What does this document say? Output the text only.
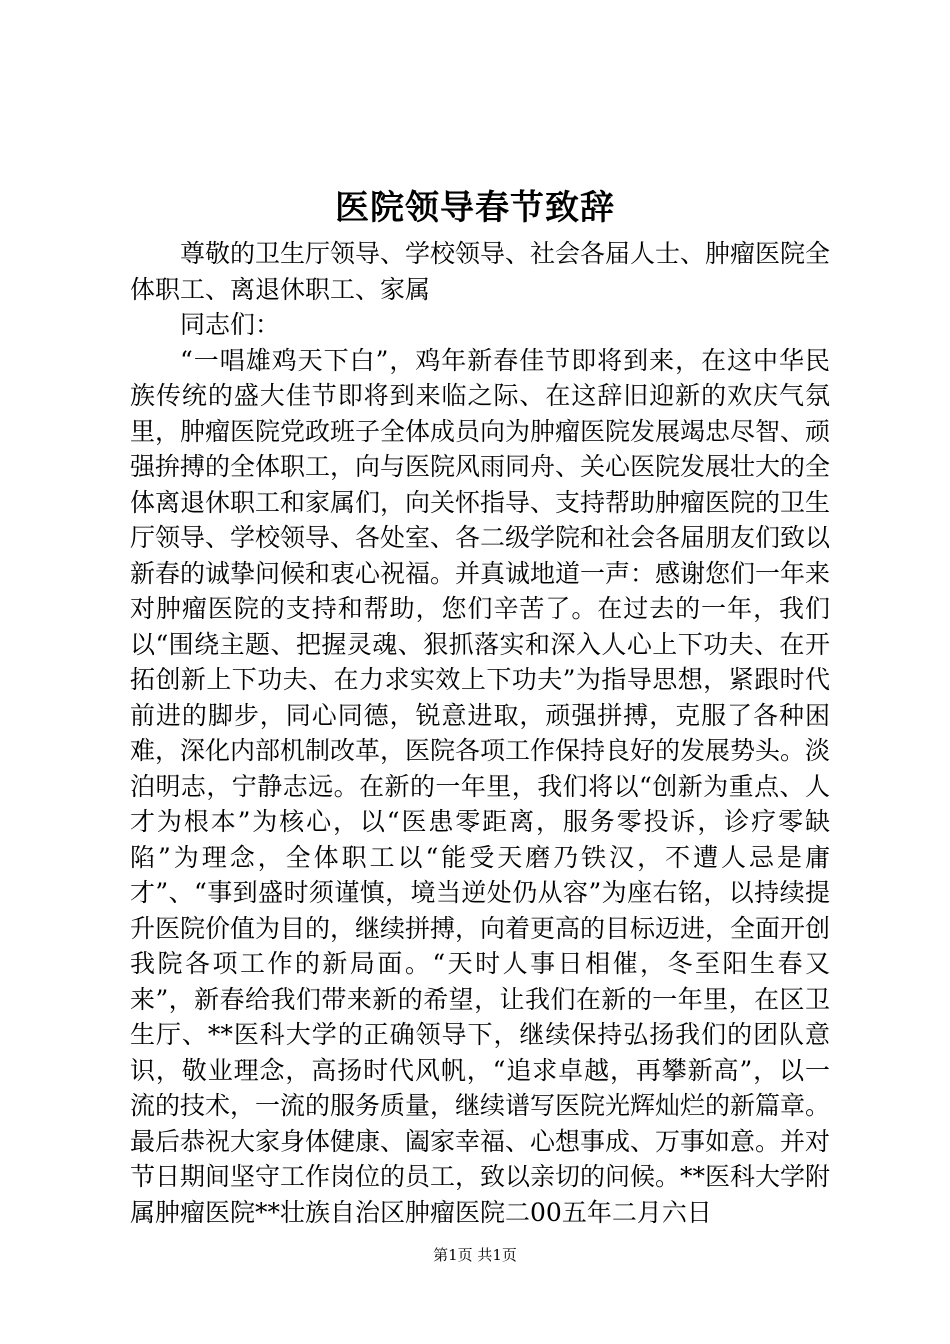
医院领导春节致辞

尊敬的卫生厅领导、学校领导、社会各届人士、肿瘤医院全体职工、离退休职工、家属

同志们：

“一唱雄鸡天下白”，鸡年新春佳节即将到来，在这中华民族传统的盛大佳节即将到来临之际、在这辞旧迎新的欢庆气氛里，肿瘤医院党政班子全体成员向为肿瘤医院发展竭忠尽智、顽强拚搏的全体职工，向与医院风雨同舟、关心医院发展壮大的全体离退休职工和家属们，向关怀指导、支持帮助肿瘤医院的卫生厅领导、学校领导、各处室、各二级学院和社会各届朋友们致以新春的诚挚问候和衷心祝福。并真诚地道一声：感谢您们一年来对肿瘤医院的支持和帮助，您们辛苦了。在过去的一年，我们以“围绕主题、把握灵魂、狠抓落实和深入人心上下功夫、在开拓创新上下功夫、在力求实效上下功夫”为指导思想，紧跟时代前进的脚步，同心同德，锐意进取，顽强拼搏，克服了各种困难，深化内部机制改革，医院各项工作保持良好的发展势头。淡泊明志，宁静志远。在新的一年里，我们将以“创新为重点、人才为根本”为核心，以“医患零距离，服务零投诉，诊疗零缺陷”为理念，全体职工以“能受天磨乃铁汉，不遭人忌是庸才”、“事到盛时须谨慎，境当逆处仍从容”为座右铭，以持续提升医院价值为目的，继续拼搏，向着更高的目标迈进，全面开创我院各项工作的新局面。“天时人事日相催，冬至阳生春又来”，新春给我们带来新的希望，让我们在新的一年里，在区卫生厅、**医科大学的正确领导下，继续保持弘扬我们的团队意识，敬业理念，高扬时代风帆，“追求卓越，再攀新高”，以一流的技术，一流的服务质量，继续谱写医院光辉灿烂的新篇章。最后恭祝大家身体健康、阖家幸福、心想事成、万事如意。并对节日期间坚守工作岗位的员工，致以亲切的问候。**医科大学附属肿瘤医院**壮族自治区肿瘤医院二00五年二月六日

第1页 共1页
